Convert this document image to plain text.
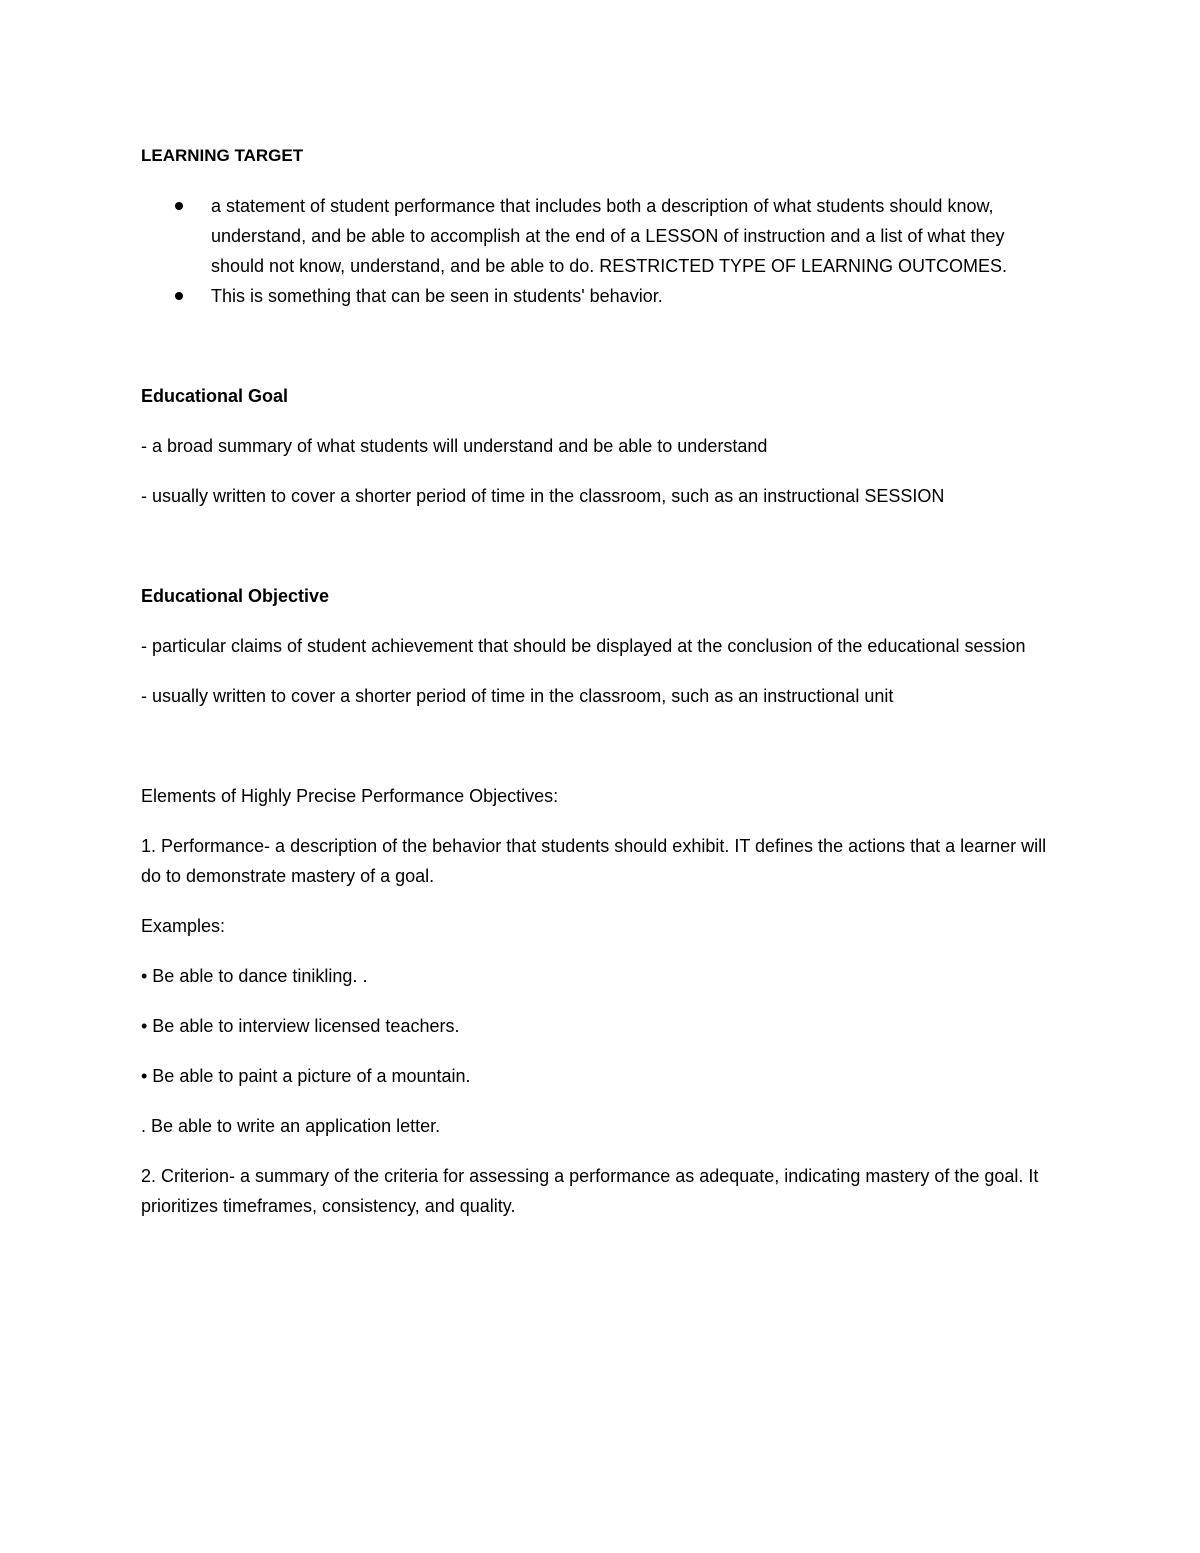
LEARNING TARGET

a statement of student performance that includes both a description of what students should know, understand, and be able to accomplish at the end of a LESSON of instruction and a list of what they should not know, understand, and be able to do. RESTRICTED TYPE OF LEARNING OUTCOMES.
This is something that can be seen in students' behavior.

Educational Goal

- a broad summary of what students will understand and be able to understand

- usually written to cover a shorter period of time in the classroom, such as an instructional SESSION

Educational Objective

- particular claims of student achievement that should be displayed at the conclusion of the educational session

- usually written to cover a shorter period of time in the classroom, such as an instructional unit

Elements of Highly Precise Performance Objectives:

1. Performance- a description of the behavior that students should exhibit. IT defines the actions that a learner will do to demonstrate mastery of a goal.

Examples:

• Be able to dance tinikling. .

• Be able to interview licensed teachers.

• Be able to paint a picture of a mountain.

. Be able to write an application letter.

2. Criterion- a summary of the criteria for assessing a performance as adequate, indicating mastery of the goal. It prioritizes timeframes, consistency, and quality.
